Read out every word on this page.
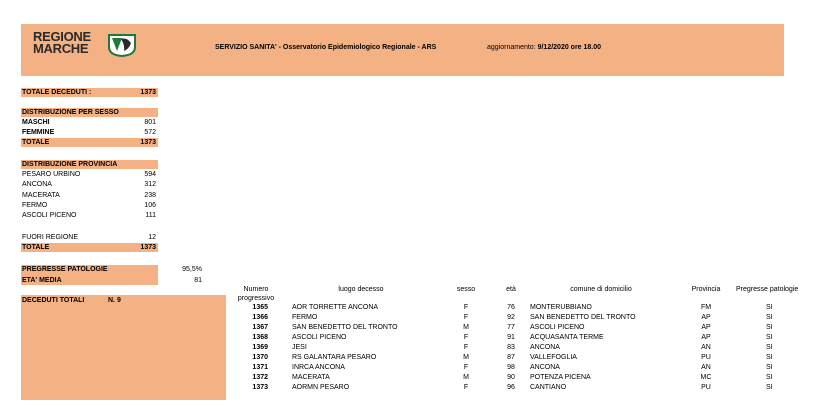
REGIONE
MARCHE	SERVIZIO SANITA' - Osservatorio Epidemiologico Regionale - ARS	aggiornamento: 9/12/2020 ore 18.00
TOTALE DECEDUTI :	1373
DISTRIBUZIONE PER SESSO
MASCHI	801
FEMMINE	572
TOTALE	1373
DISTRIBUZIONE PROVINCIA
PESARO URBINO	594
ANCONA	312
MACERATA	238
FERMO	106
ASCOLI PICENO	111
FUORI REGIONE	12
TOTALE	1373
PREGRESSE PATOLOGIE	95,5%
ETA' MEDIA	81
DECEDUTI TOTALI	N. 9
Numero
progressivo	luogo decesso	sesso	età	comune di domicilio	Provincia	Pregresse patologie
1365	AOR TORRETTE ANCONA	F	76	MONTERUBBIANO	FM	SI
1366	FERMO	F	92	SAN BENEDETTO DEL TRONTO	AP	SI
1367	SAN BENEDETTO DEL TRONTO	M	77	ASCOLI PICENO	AP	SI
1368	ASCOLI PICENO	F	91	ACQUASANTA TERME	AP	SI
1369	JESI	F	83	ANCONA	AN	SI
1370	RS GALANTARA PESARO	M	87	VALLEFOGLIA	PU	SI
1371	INRCA ANCONA	F	98	ANCONA	AN	SI
1372	MACERATA	M	90	POTENZA PICENA	MC	SI
1373	AORMN PESARO	F	96	CANTIANO	PU	SI
